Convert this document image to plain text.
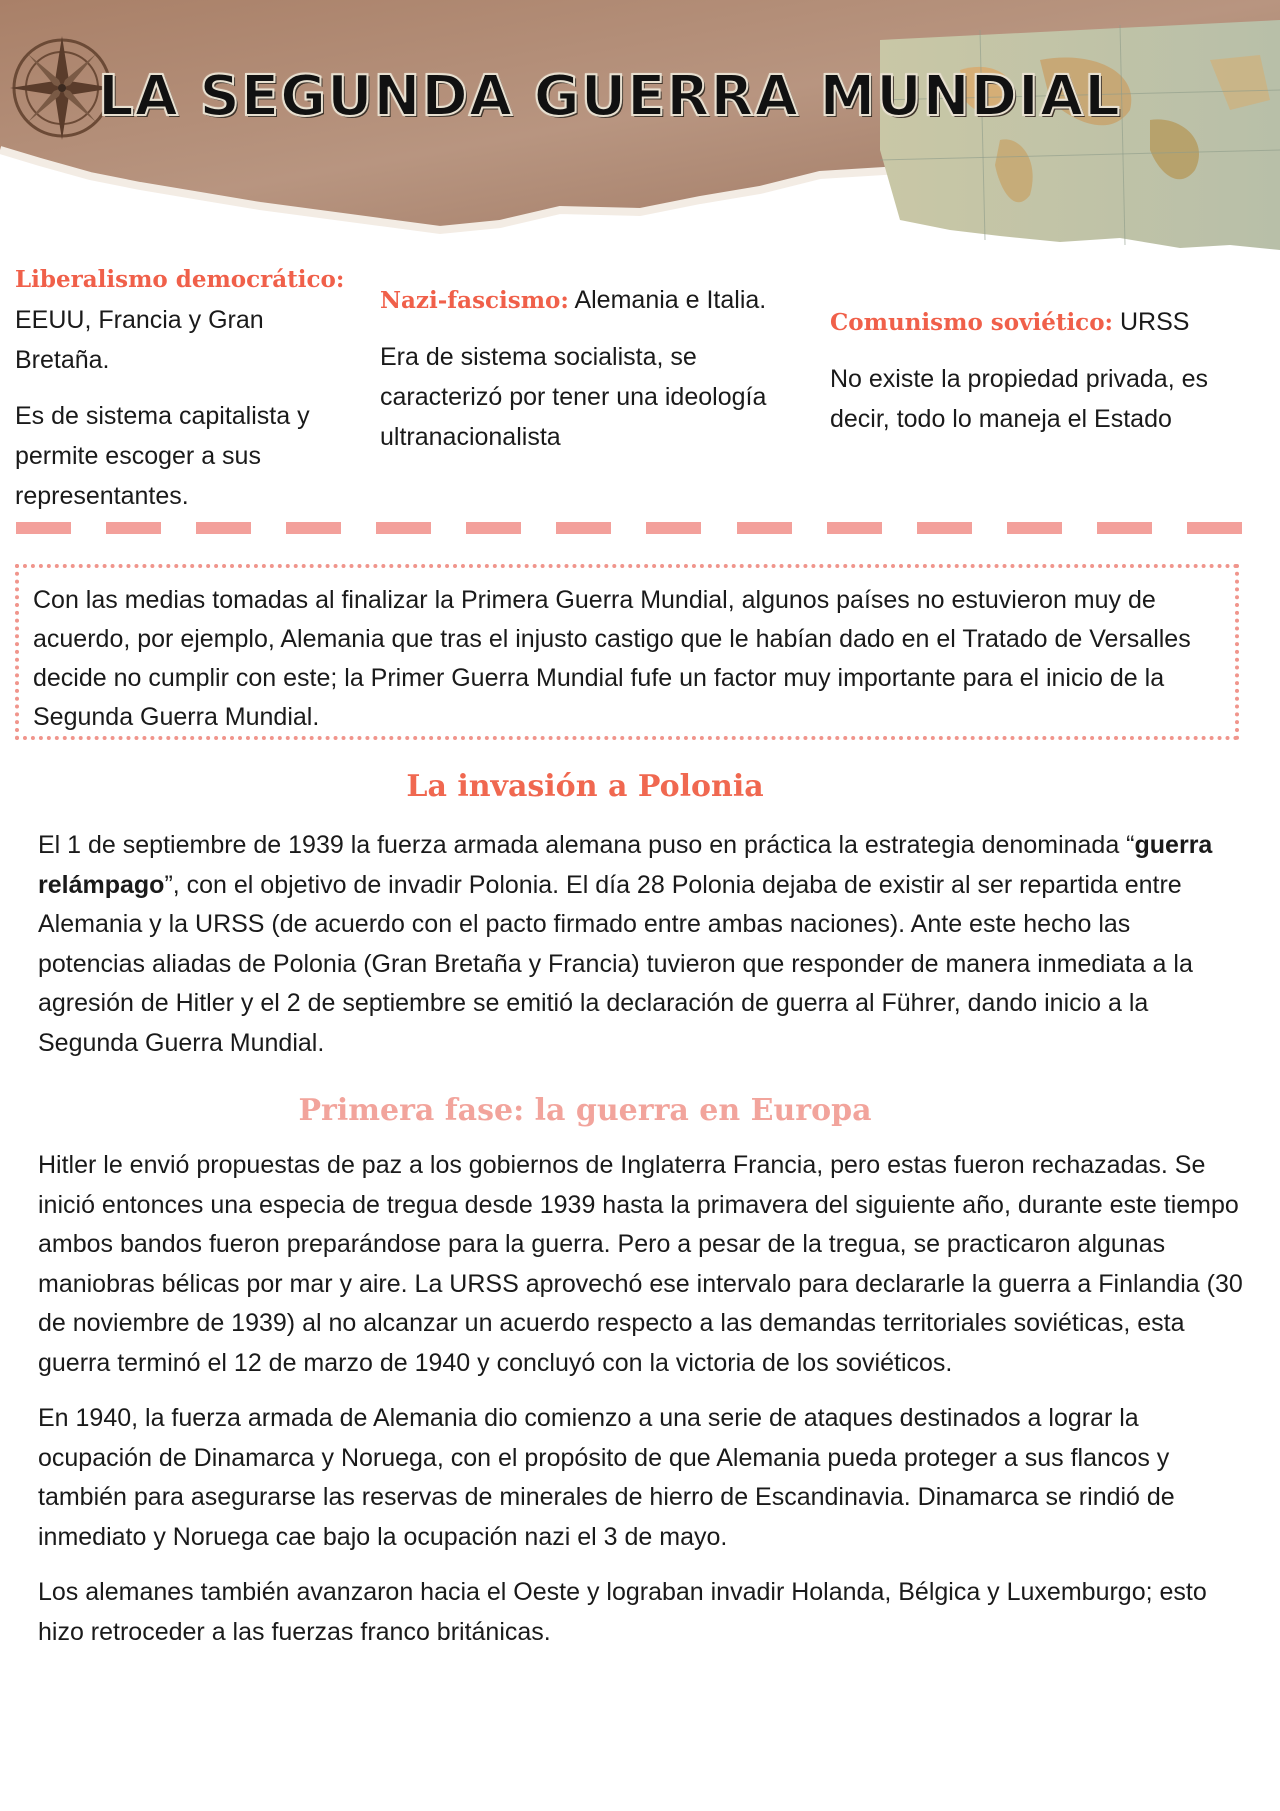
LA SEGUNDA GUERRA MUNDIAL

Liberalismo democrático: EEUU, Francia y Gran Bretaña.

Es de sistema capitalista y permite escoger a sus representantes.

Nazi-fascismo: Alemania e Italia.

Era de sistema socialista, se caracterizó por tener una ideología ultranacionalista

Comunismo soviético: URSS

No existe la propiedad privada, es decir, todo lo maneja el Estado

Con las medias tomadas al finalizar la Primera Guerra Mundial, algunos países no estuvieron muy de acuerdo, por ejemplo, Alemania que tras el injusto castigo que le habían dado en el Tratado de Versalles decide no cumplir con este; la Primer Guerra Mundial fufe un factor muy importante para el inicio de la Segunda Guerra Mundial.
La invasión a Polonia

El 1 de septiembre de 1939 la fuerza armada alemana puso en práctica la estrategia denominada “guerra relámpago”, con el objetivo de invadir Polonia. El día 28 Polonia dejaba de existir al ser repartida entre Alemania y la URSS (de acuerdo con el pacto firmado entre ambas naciones). Ante este hecho las potencias aliadas de Polonia (Gran Bretaña y Francia) tuvieron que responder de manera inmediata a la agresión de Hitler y el 2 de septiembre se emitió la declaración de guerra al Führer, dando inicio a la Segunda Guerra Mundial.

Primera fase: la guerra en Europa

Hitler le envió propuestas de paz a los gobiernos de Inglaterra Francia, pero estas fueron rechazadas. Se inició entonces una especia de tregua desde 1939 hasta la primavera del siguiente año, durante este tiempo ambos bandos fueron preparándose para la guerra. Pero a pesar de la tregua, se practicaron algunas maniobras bélicas por mar y aire. La URSS aprovechó ese intervalo para declararle la guerra a Finlandia (30 de noviembre de 1939) al no alcanzar un acuerdo respecto a las demandas territoriales soviéticas, esta guerra terminó el 12 de marzo de 1940 y concluyó con la victoria de los soviéticos.

En 1940, la fuerza armada de Alemania dio comienzo a una serie de ataques destinados a lograr la ocupación de Dinamarca y Noruega, con el propósito de que Alemania pueda proteger a sus flancos y también para asegurarse las reservas de minerales de hierro de Escandinavia. Dinamarca se rindió de inmediato y Noruega cae bajo la ocupación nazi el 3 de mayo.

Los alemanes también avanzaron hacia el Oeste y lograban invadir Holanda, Bélgica y Luxemburgo; esto hizo retroceder a las fuerzas franco británicas.
